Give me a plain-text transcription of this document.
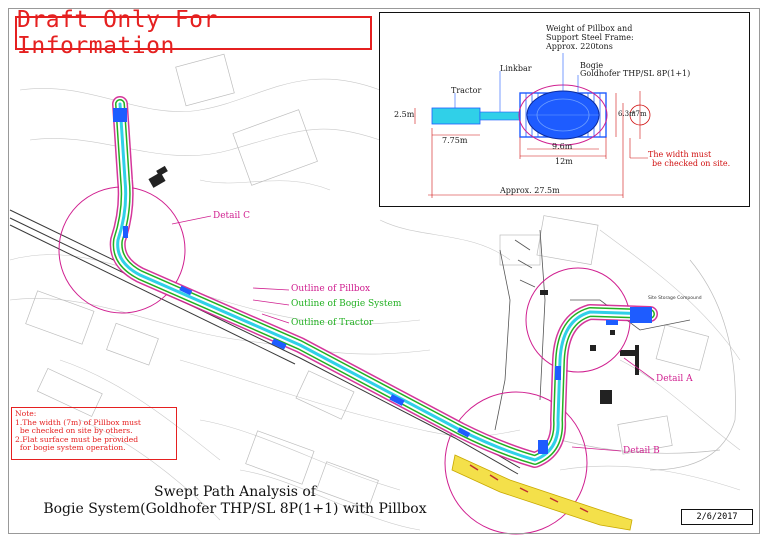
Draft Only For Information
Outline of Pillbox
Outline of Bogie System
Outline of Tractor
Detail C
Detail A
Detail B
Site Storage Compound
Note:
1.The width (7m) of Pillbox must
be checked on site by others.
2.Flat surface must be provided
for bogie system operation.
Weight of Pillbox and
Support Steel Frame:
Approx. 220tons
Linkbar
Tractor
Bogie
Goldhofer THP/SL 8P(1+1)
2.5m
7.75m
6.3m
*7m
9.6m
12m
Approx. 27.5m
The width must
be checked on site.
Swept Path Analysis of
Bogie System(Goldhofer THP/SL 8P(1+1) with Pillbox	2/6/2017
